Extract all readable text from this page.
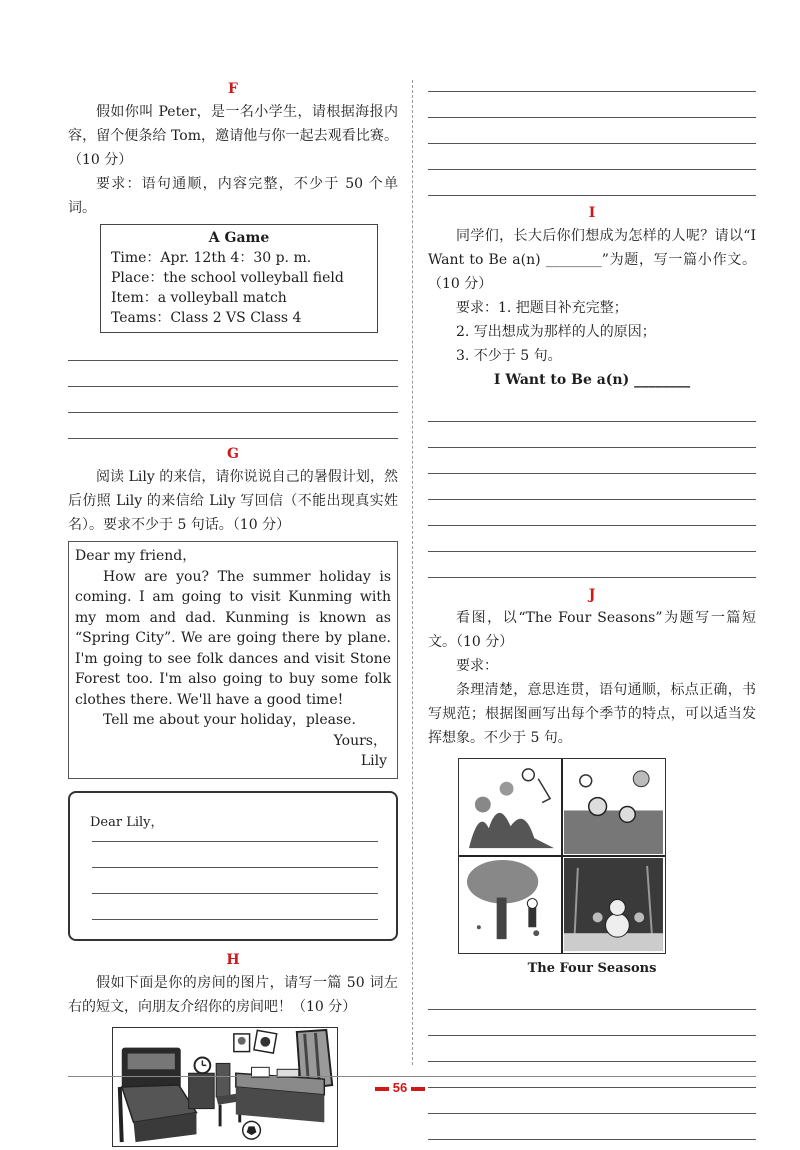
F
假如你叫 Peter，是一名小学生，请根据海报内容，留个便条给 Tom，邀请他与你一起去观看比赛。（10 分）
要求：语句通顺，内容完整，不少于 50 个单词。
A Game
Time：Apr. 12th 4：30 p. m.
Place：the school volleyball field
Item：a volleyball match
Teams：Class 2 VS Class 4
G
阅读 Lily 的来信，请你说说自己的暑假计划，然后仿照 Lily 的来信给 Lily 写回信（不能出现真实姓名）。要求不少于 5 句话。（10 分）
Dear my friend，
How are you? The summer holiday is coming. I am going to visit Kunming with my mom and dad. Kunming is known as “Spring City”. We are going there by plane. I'm going to see folk dances and visit Stone Forest too. I'm also going to buy some folk clothes there. We'll have a good time!
Tell me about your holiday，please.
Yours，
Lily
Dear Lily，
H
假如下面是你的房间的图片，请写一篇 50 词左右的短文，向朋友介绍你的房间吧！（10 分）
I
同学们，长大后你们想成为怎样的人呢？请以“I Want to Be a(n) ________”为题，写一篇小作文。（10 分）
要求：1. 把题目补充完整；
2. 写出想成为那样的人的原因；
3. 不少于 5 句。
I Want to Be a(n) ________
J
看图，以“The Four Seasons”为题写一篇短文。（10 分）
要求：
条理清楚，意思连贯，语句通顺，标点正确，书写规范；根据图画写出每个季节的特点，可以适当发挥想象。不少于 5 句。
The Four Seasons
56
